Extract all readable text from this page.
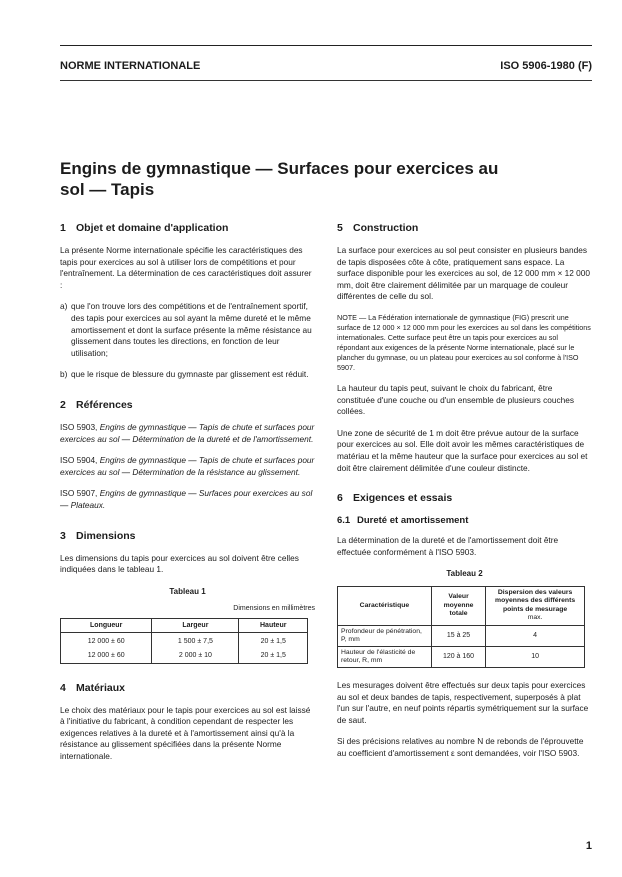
NORME INTERNATIONALE	ISO 5906-1980 (F)
Engins de gymnastique — Surfaces pour exercices au
sol — Tapis
1 Objet et domaine d'application

La présente Norme internationale spécifie les caractéristiques des tapis pour exercices au sol à utiliser lors de compétitions et pour l'entraînement. La détermination de ces caractéristiques doit assurer :

a) que l'on trouve lors des compétitions et de l'entraînement sportif, des tapis pour exercices au sol ayant la même dureté et le même amortissement et dont la surface présente la même résistance au glissement dans toutes les directions, en fonction de leur utilisation;
b) que le risque de blessure du gymnaste par glissement est réduit.
2 Références

ISO 5903, Engins de gymnastique — Tapis de chute et surfaces pour exercices au sol — Détermination de la dureté et de l'amortissement.

ISO 5904, Engins de gymnastique — Tapis de chute et surfaces pour exercices au sol — Détermination de la résistance au glissement.

ISO 5907, Engins de gymnastique — Surfaces pour exercices au sol — Plateaux.

3 Dimensions

Les dimensions du tapis pour exercices au sol doivent être celles indiquées dans le tableau 1.

Tableau 1
Dimensions en millimètres
Longueur	Largeur	Hauteur
12 000 ± 60	1 500 ± 7,5	20 ± 1,5
12 000 ± 60	2 000 ± 10	20 ± 1,5
4 Matériaux

Le choix des matériaux pour le tapis pour exercices au sol est laissé à l'initiative du fabricant, à condition cependant de respecter les exigences relatives à la dureté et à l'amortissement ainsi qu'à la résistance au glissement spécifiées dans la présente Norme internationale.

5 Construction

La surface pour exercices au sol peut consister en plusieurs bandes de tapis disposées côte à côte, pratiquement sans espace. La surface disponible pour les exercices au sol, de 12 000 mm × 12 000 mm, doit être clairement délimitée par un marquage de couleur différentes de celle du sol.

NOTE — La Fédération internationale de gymnastique (FIG) prescrit une surface de 12 000 × 12 000 mm pour les exercices au sol dans les compétitions internationales. Cette surface peut être un tapis pour exercices au sol répondant aux exigences de la présente Norme internationale, placé sur le plancher du gymnase, ou un plateau pour exercices au sol conforme à l'ISO 5907.

La hauteur du tapis peut, suivant le choix du fabricant, être constituée d'une couche ou d'un ensemble de plusieurs couches collées.

Une zone de sécurité de 1 m doit être prévue autour de la surface pour exercices au sol. Elle doit avoir les mêmes caractéristiques de matériau et la même hauteur que la surface pour exercices au sol et doit être clairement délimitée d'une couleur distincte.

6 Exigences et essais
6.1 Dureté et amortissement

La détermination de la dureté et de l'amortissement doit être effectuée conformément à l'ISO 5903.

Tableau 2
Caractéristique	Valeur moyenne totale	Dispersion des valeurs moyennes des différents points de mesurage
max.

Profondeur de pénétration, P, mm	15 à 25	4
Hauteur de l'élasticité de retour, R, mm	120 à 160	10

Les mesurages doivent être effectués sur deux tapis pour exercices au sol et deux bandes de tapis, respectivement, superposés à plat l'un sur l'autre, en neuf points répartis symétriquement sur la surface de saut.

Si des précisions relatives au nombre N de rebonds de l'éprouvette au coefficient d'amortissement ε sont demandées, voir l'ISO 5903.

1
